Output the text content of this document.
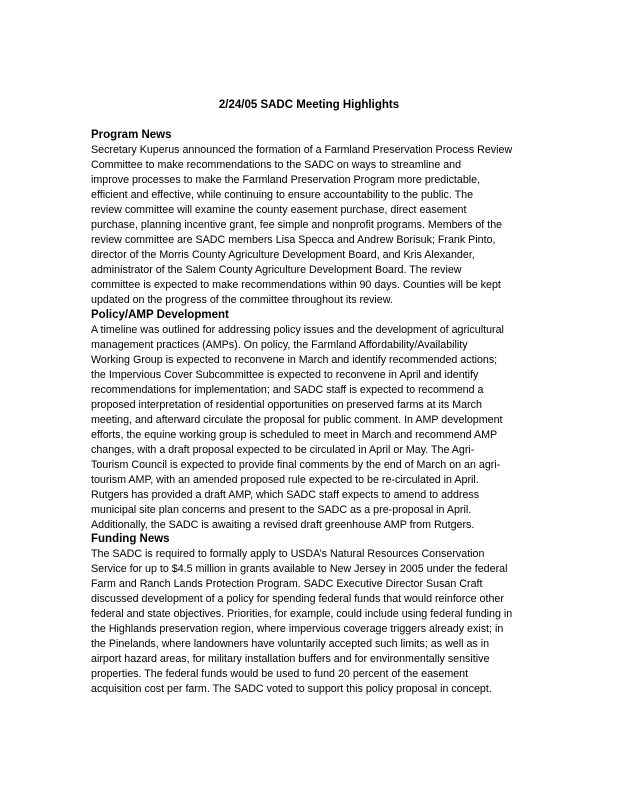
2/24/05 SADC Meeting Highlights
Program News
Secretary Kuperus announced the formation of a Farmland Preservation Process Review
Committee to make recommendations to the SADC on ways to streamline and
improve processes to make the Farmland Preservation Program more predictable,
efficient and effective, while continuing to ensure accountability to the public. The
review committee will examine the county easement purchase, direct easement
purchase, planning incentive grant, fee simple and nonprofit programs. Members of the
review committee are SADC members Lisa Specca and Andrew Borisuk; Frank Pinto,
director of the Morris County Agriculture Development Board, and Kris Alexander,
administrator of the Salem County Agriculture Development Board. The review
committee is expected to make recommendations within 90 days. Counties will be kept
updated on the progress of the committee throughout its review.
Policy/AMP Development
A timeline was outlined for addressing policy issues and the development of agricultural
management practices (AMPs). On policy, the Farmland Affordability/Availability
Working Group is expected to reconvene in March and identify recommended actions;
the Impervious Cover Subcommittee is expected to reconvene in April and identify
recommendations for implementation; and SADC staff is expected to recommend a
proposed interpretation of residential opportunities on preserved farms at its March
meeting, and afterward circulate the proposal for public comment. In AMP development
efforts, the equine working group is scheduled to meet in March and recommend AMP
changes, with a draft proposal expected to be circulated in April or May. The Agri-
Tourism Council is expected to provide final comments by the end of March on an agri-
tourism AMP, with an amended proposed rule expected to be re-circulated in April.
Rutgers has provided a draft AMP, which SADC staff expects to amend to address
municipal site plan concerns and present to the SADC as a pre-proposal in April.
Additionally, the SADC is awaiting a revised draft greenhouse AMP from Rutgers.
Funding News
The SADC is required to formally apply to USDA’s Natural Resources Conservation
Service for up to $4.5 million in grants available to New Jersey in 2005 under the federal
Farm and Ranch Lands Protection Program. SADC Executive Director Susan Craft
discussed development of a policy for spending federal funds that would reinforce other
federal and state objectives. Priorities, for example, could include using federal funding in
the Highlands preservation region, where impervious coverage triggers already exist; in
the Pinelands, where landowners have voluntarily accepted such limits; as well as in
airport hazard areas, for military installation buffers and for environmentally sensitive
properties. The federal funds would be used to fund 20 percent of the easement
acquisition cost per farm. The SADC voted to support this policy proposal in concept.
